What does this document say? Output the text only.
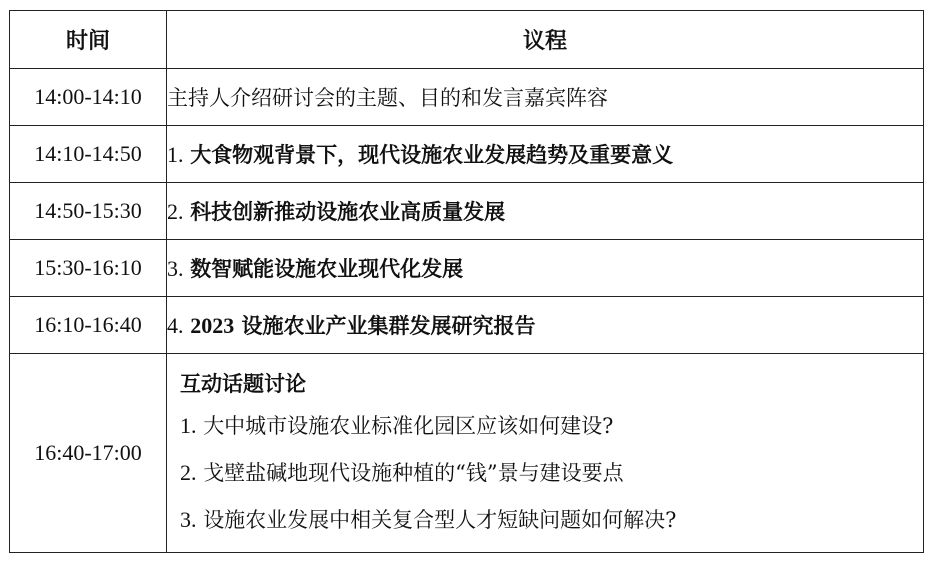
时间	议程
14:00-14:10	主持人介绍研讨会的主题、目的和发言嘉宾阵容
14:10-14:50	1. 大食物观背景下，现代设施农业发展趋势及重要意义
14:50-15:30	2. 科技创新推动设施农业高质量发展
15:30-16:10	3. 数智赋能设施农业现代化发展
16:10-16:40	4. 2023 设施农业产业集群发展研究报告
16:40-17:00	互动话题讨论
1. 大中城市设施农业标准化园区应该如何建设?
2. 戈壁盐碱地现代设施种植的“钱”景与建设要点
3. 设施农业发展中相关复合型人才短缺问题如何解决?
